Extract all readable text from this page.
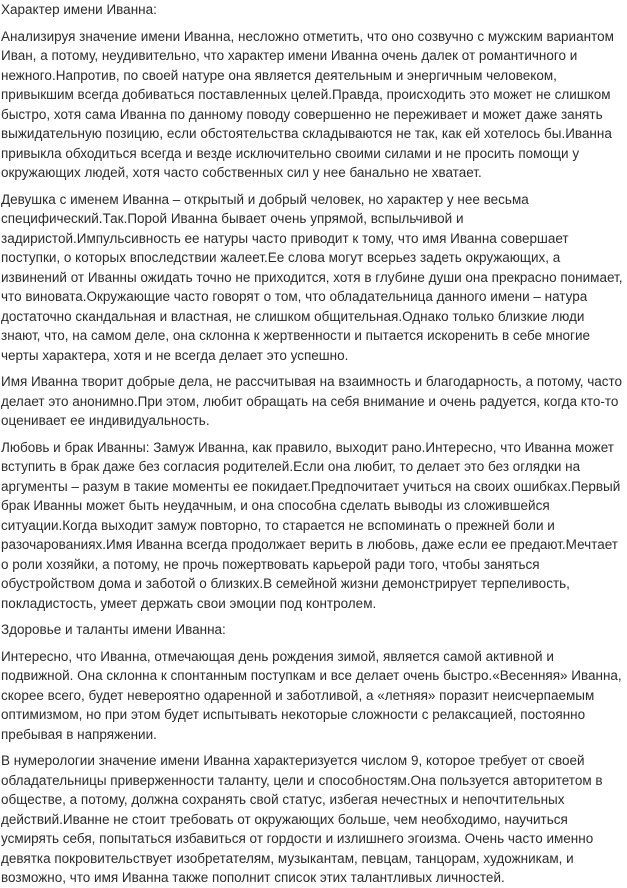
Характер имени Иванна:

Анализируя значение имени Иванна, несложно отметить, что оно созвучно с мужским вариантом Иван, а потому, неудивительно, что характер имени Иванна очень далек от романтичного и нежного.Напротив, по своей натуре она является деятельным и энергичным человеком, привыкшим всегда добиваться поставленных целей.Правда, происходить это может не слишком быстро, хотя сама Иванна по данному поводу совершенно не переживает и может даже занять выжидательную позицию, если обстоятельства складываются не так, как ей хотелось бы.Иванна привыкла обходиться всегда и везде исключительно своими силами и не просить помощи у окружающих людей, хотя часто собственных сил у нее банально не хватает.

Девушка с именем Иванна – открытый и добрый человек, но характер у нее весьма специфический.Так.Порой Иванна бывает очень упрямой, вспыльчивой и задиристой.Импульсивность ее натуры часто приводит к тому, что имя Иванна совершает поступки, о которых впоследствии жалеет.Ее слова могут всерьез задеть окружающих, а извинений от Иванны ожидать точно не приходится, хотя в глубине души она прекрасно понимает, что виновата.Окружающие часто говорят о том, что обладательница данного имени – натура достаточно скандальная и властная, не слишком общительная.Однако только близкие люди знают, что, на самом деле, она склонна к жертвенности и пытается искоренить в себе многие черты характера, хотя и не всегда делает это успешно.

Имя Иванна творит добрые дела, не рассчитывая на взаимность и благодарность, а потому, часто делает это анонимно.При этом, любит обращать на себя внимание и очень радуется, когда кто-то оценивает ее индивидуальность.

Любовь и брак Иванны: Замуж Иванна, как правило, выходит рано.Интересно, что Иванна может вступить в брак даже без согласия родителей.Если она любит, то делает это без оглядки на аргументы – разум в такие моменты ее покидает.Предпочитает учиться на своих ошибках.Первый брак Иванны может быть неудачным, и она способна сделать выводы из сложившейся ситуации.Когда выходит замуж повторно, то старается не вспоминать о прежней боли и разочарованиях.Имя Иванна всегда продолжает верить в любовь, даже если ее предают.Мечтает о роли хозяйки, а потому, не прочь пожертвовать карьерой ради того, чтобы заняться обустройством дома и заботой о близких.В семейной жизни демонстрирует терпеливость, покладистость, умеет держать свои эмоции под контролем.

Здоровье и таланты имени Иванна:

Интересно, что Иванна, отмечающая день рождения зимой, является самой активной и подвижной. Она склонна к спонтанным поступкам и все делает очень быстро.«Весенняя» Иванна, скорее всего, будет невероятно одаренной и заботливой, а «летняя» поразит неисчерпаемым оптимизмом, но при этом будет испытывать некоторые сложности с релаксацией, постоянно пребывая в напряжении.

В нумерологии значение имени Иванна характеризуется числом 9, которое требует от своей обладательницы приверженности таланту, цели и способностям.Она пользуется авторитетом в обществе, а потому, должна сохранять свой статус, избегая нечестных и непочтительных действий.Иванне не стоит требовать от окружающих больше, чем необходимо, научиться усмирять себя, попытаться избавиться от гордости и излишнего эгоизма. Очень часто именно девятка покровительствует изобретателям, музыкантам, певцам, танцорам, художникам, и возможно, что имя Иванна также пополнит список этих талантливых личностей.
